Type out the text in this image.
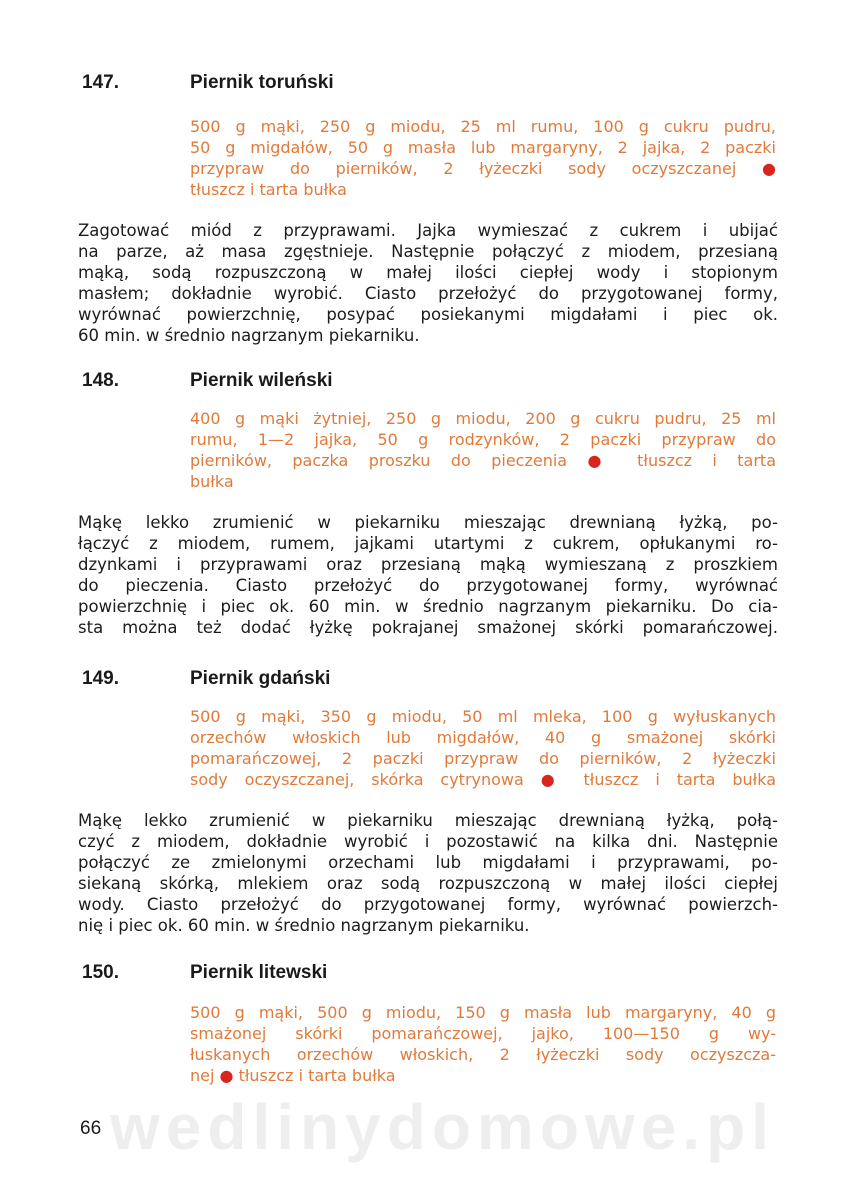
147.	Piernik toruński
500 g mąki, 250 g miodu, 25 ml rumu, 100 g cukru pudru,
50 g migdałów, 50 g masła lub margaryny, 2 jajka, 2 paczki
przypraw do pierników, 2 łyżeczki sody oczyszczanej ●
tłuszcz i tarta bułka
Zagotować miód z przyprawami. Jajka wymieszać z cukrem i ubijać
na parze, aż masa zgęstnieje. Następnie połączyć z miodem, przesianą
mąką, sodą rozpuszczoną w małej ilości ciepłej wody i stopionym
masłem; dokładnie wyrobić. Ciasto przełożyć do przygotowanej formy,
wyrównać powierzchnię, posypać posiekanymi migdałami i piec ok.
60 min. w średnio nagrzanym piekarniku.
148.	Piernik wileński
400 g mąki żytniej, 250 g miodu, 200 g cukru pudru, 25 ml
rumu, 1—2 jajka, 50 g rodzynków, 2 paczki przypraw do
pierników, paczka proszku do pieczenia ● tłuszcz i tarta
bułka
Mąkę lekko zrumienić w piekarniku mieszając drewnianą łyżką, po-
łączyć z miodem, rumem, jajkami utartymi z cukrem, opłukanymi ro-
dzynkami i przyprawami oraz przesianą mąką wymieszaną z proszkiem
do pieczenia. Ciasto przełożyć do przygotowanej formy, wyrównać
powierzchnię i piec ok. 60 min. w średnio nagrzanym piekarniku. Do cia-
sta można też dodać łyżkę pokrajanej smażonej skórki pomarańczowej.
149.	Piernik gdański
500 g mąki, 350 g miodu, 50 ml mleka, 100 g wyłuskanych
orzechów włoskich lub migdałów, 40 g smażonej skórki
pomarańczowej, 2 paczki przypraw do pierników, 2 łyżeczki
sody oczyszczanej, skórka cytrynowa ● tłuszcz i tarta bułka
Mąkę lekko zrumienić w piekarniku mieszając drewnianą łyżką, połą-
czyć z miodem, dokładnie wyrobić i pozostawić na kilka dni. Następnie
połączyć ze zmielonymi orzechami lub migdałami i przyprawami, po-
siekaną skórką, mlekiem oraz sodą rozpuszczoną w małej ilości ciepłej
wody. Ciasto przełożyć do przygotowanej formy, wyrównać powierzch-
nię i piec ok. 60 min. w średnio nagrzanym piekarniku.
150.	Piernik litewski
500 g mąki, 500 g miodu, 150 g masła lub margaryny, 40 g
smażonej skórki pomarańczowej, jajko, 100—150 g wy-
łuskanych orzechów włoskich, 2 łyżeczki sody oczyszcza-
nej ● tłuszcz i tarta bułka
wedlinydomowe.pl
66
